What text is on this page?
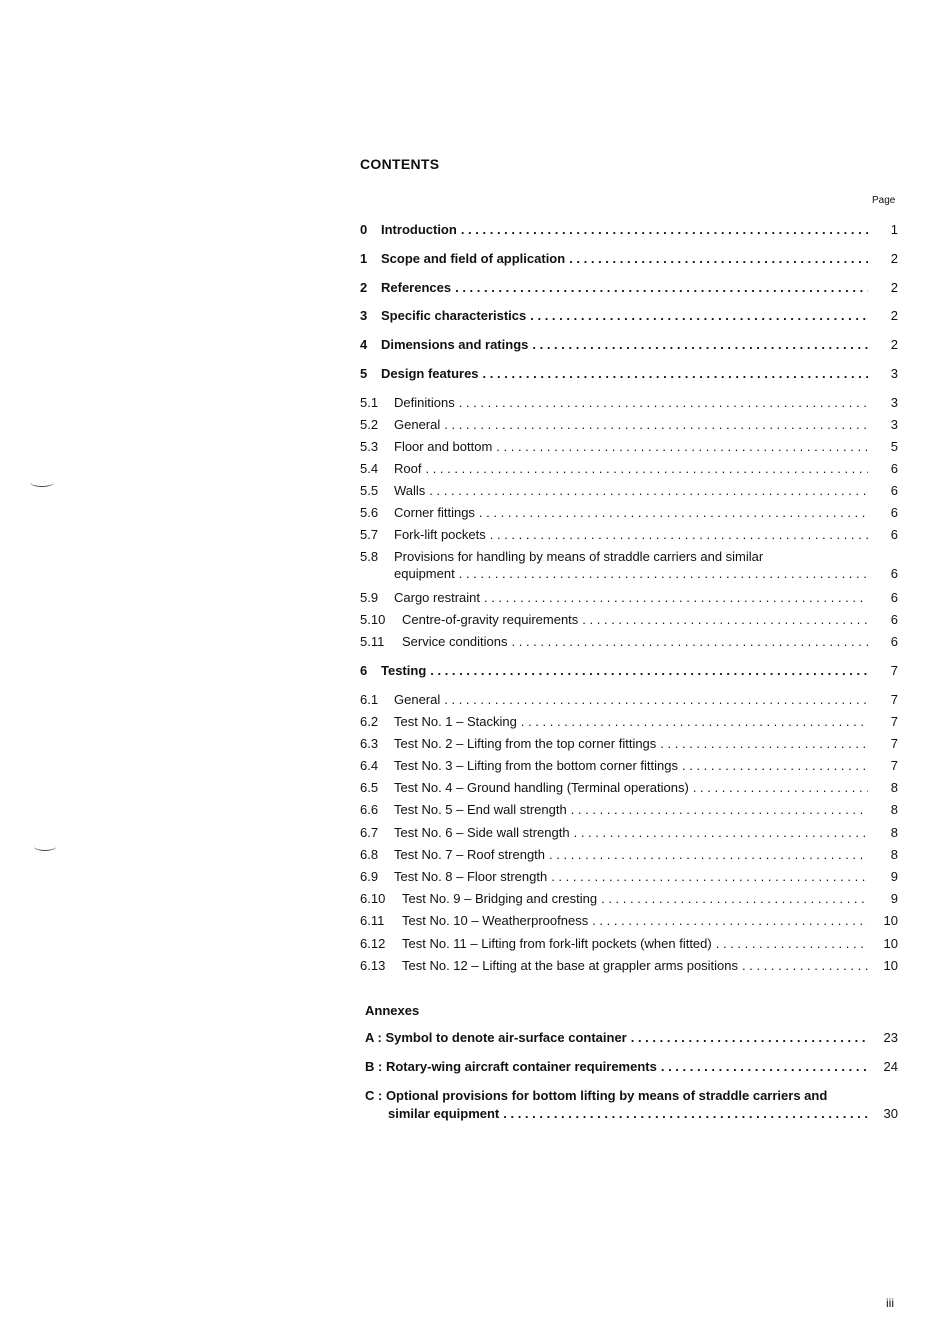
CONTENTS
Page
0	Introduction . . .	1
1	Scope and field of application . . .	2
2	References . . .	2
3	Specific characteristics . . .	2
4	Dimensions and ratings . . .	2
5	Design features . . .	3
5.1	Definitions . . .	3
5.2	General . . .	3
5.3	Floor and bottom . . .	5
5.4	Roof . . .	6
5.5	Walls . . .	6
5.6	Corner fittings . . .	6
5.7	Fork-lift pockets . . .	6
5.8	Provisions for handling by means of straddle carriers and similar
equipment . . .	6
5.9	Cargo restraint . . .	6
5.10	Centre-of-gravity requirements . . .	6
5.11	Service conditions . . .	6
6	Testing . . .	7
6.1	General . . .	7
6.2	Test No. 1 – Stacking . . .	7
6.3	Test No. 2 – Lifting from the top corner fittings . . .	7
6.4	Test No. 3 – Lifting from the bottom corner fittings . . .	7
6.5	Test No. 4 – Ground handling (Terminal operations) . . .	8
6.6	Test No. 5 – End wall strength . . .	8
6.7	Test No. 6 – Side wall strength . . .	8
6.8	Test No. 7 – Roof strength . . .	8
6.9	Test No. 8 – Floor strength . . .	9
6.10	Test No. 9 – Bridging and cresting . . .	9
6.11	Test No. 10 – Weatherproofness . . .	10
6.12	Test No. 11 – Lifting from fork-lift pockets (when fitted) . . .	10
6.13	Test No. 12 – Lifting at the base at grappler arms positions . . .	10
Annexes
A : Symbol to denote air-surface container . . .	23
B : Rotary-wing aircraft container requirements . . .	24
C : Optional provisions for bottom lifting by means of straddle carriers and
similar equipment . . .	30
iii
